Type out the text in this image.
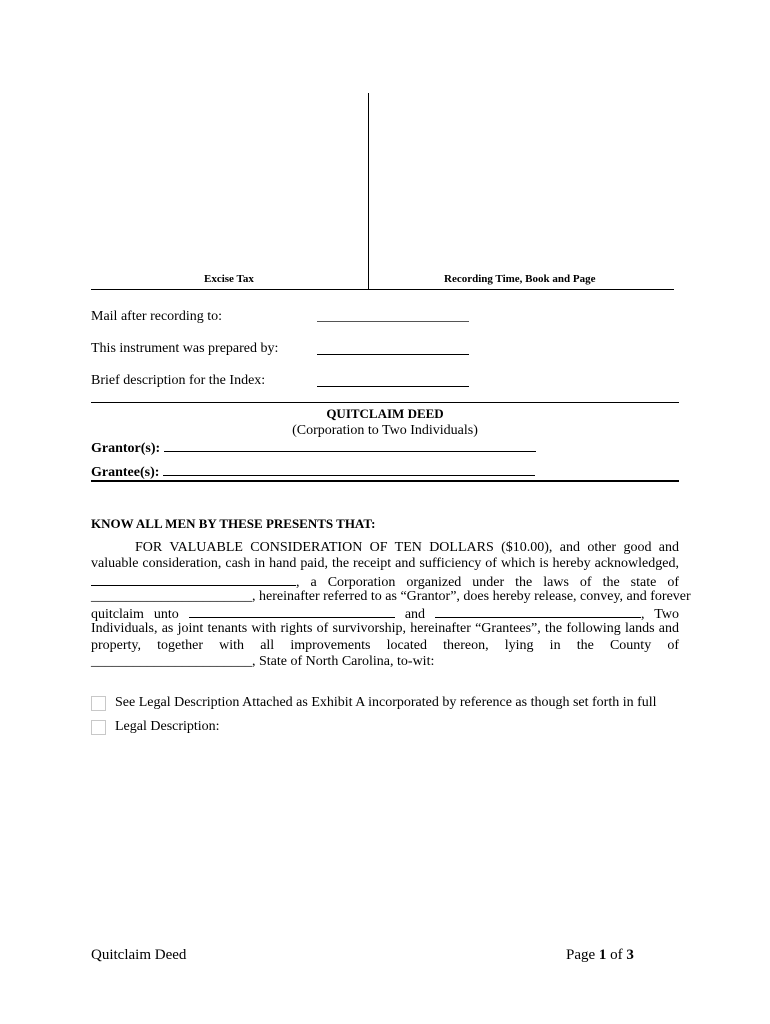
Excise Tax	Recording Time, Book and Page
Mail after recording to:
This instrument was prepared by:
Brief description for the Index:
QUITCLAIM DEED
(Corporation to Two Individuals)
Grantor(s):
Grantee(s):
KNOW ALL MEN BY THESE PRESENTS THAT:
FOR VALUABLE CONSIDERATION OF TEN DOLLARS ($10.00), and other good and
valuable consideration, cash in hand paid, the receipt and sufficiency of which is hereby acknowledged,
, a Corporation organized under the laws of the state of
_______________________, hereinafter referred to as “Grantor”, does hereby release, convey, and forever
quitclaim unto	and	, Two
Individuals, as joint tenants with rights of survivorship, hereinafter “Grantees”, the following lands and
property, together with all improvements located thereon, lying in the County of
_______________________, State of North Carolina, to-wit:
See Legal Description Attached as Exhibit A incorporated by reference as though set forth in full
Legal Description:
Quitclaim Deed	Page 1 of 3
